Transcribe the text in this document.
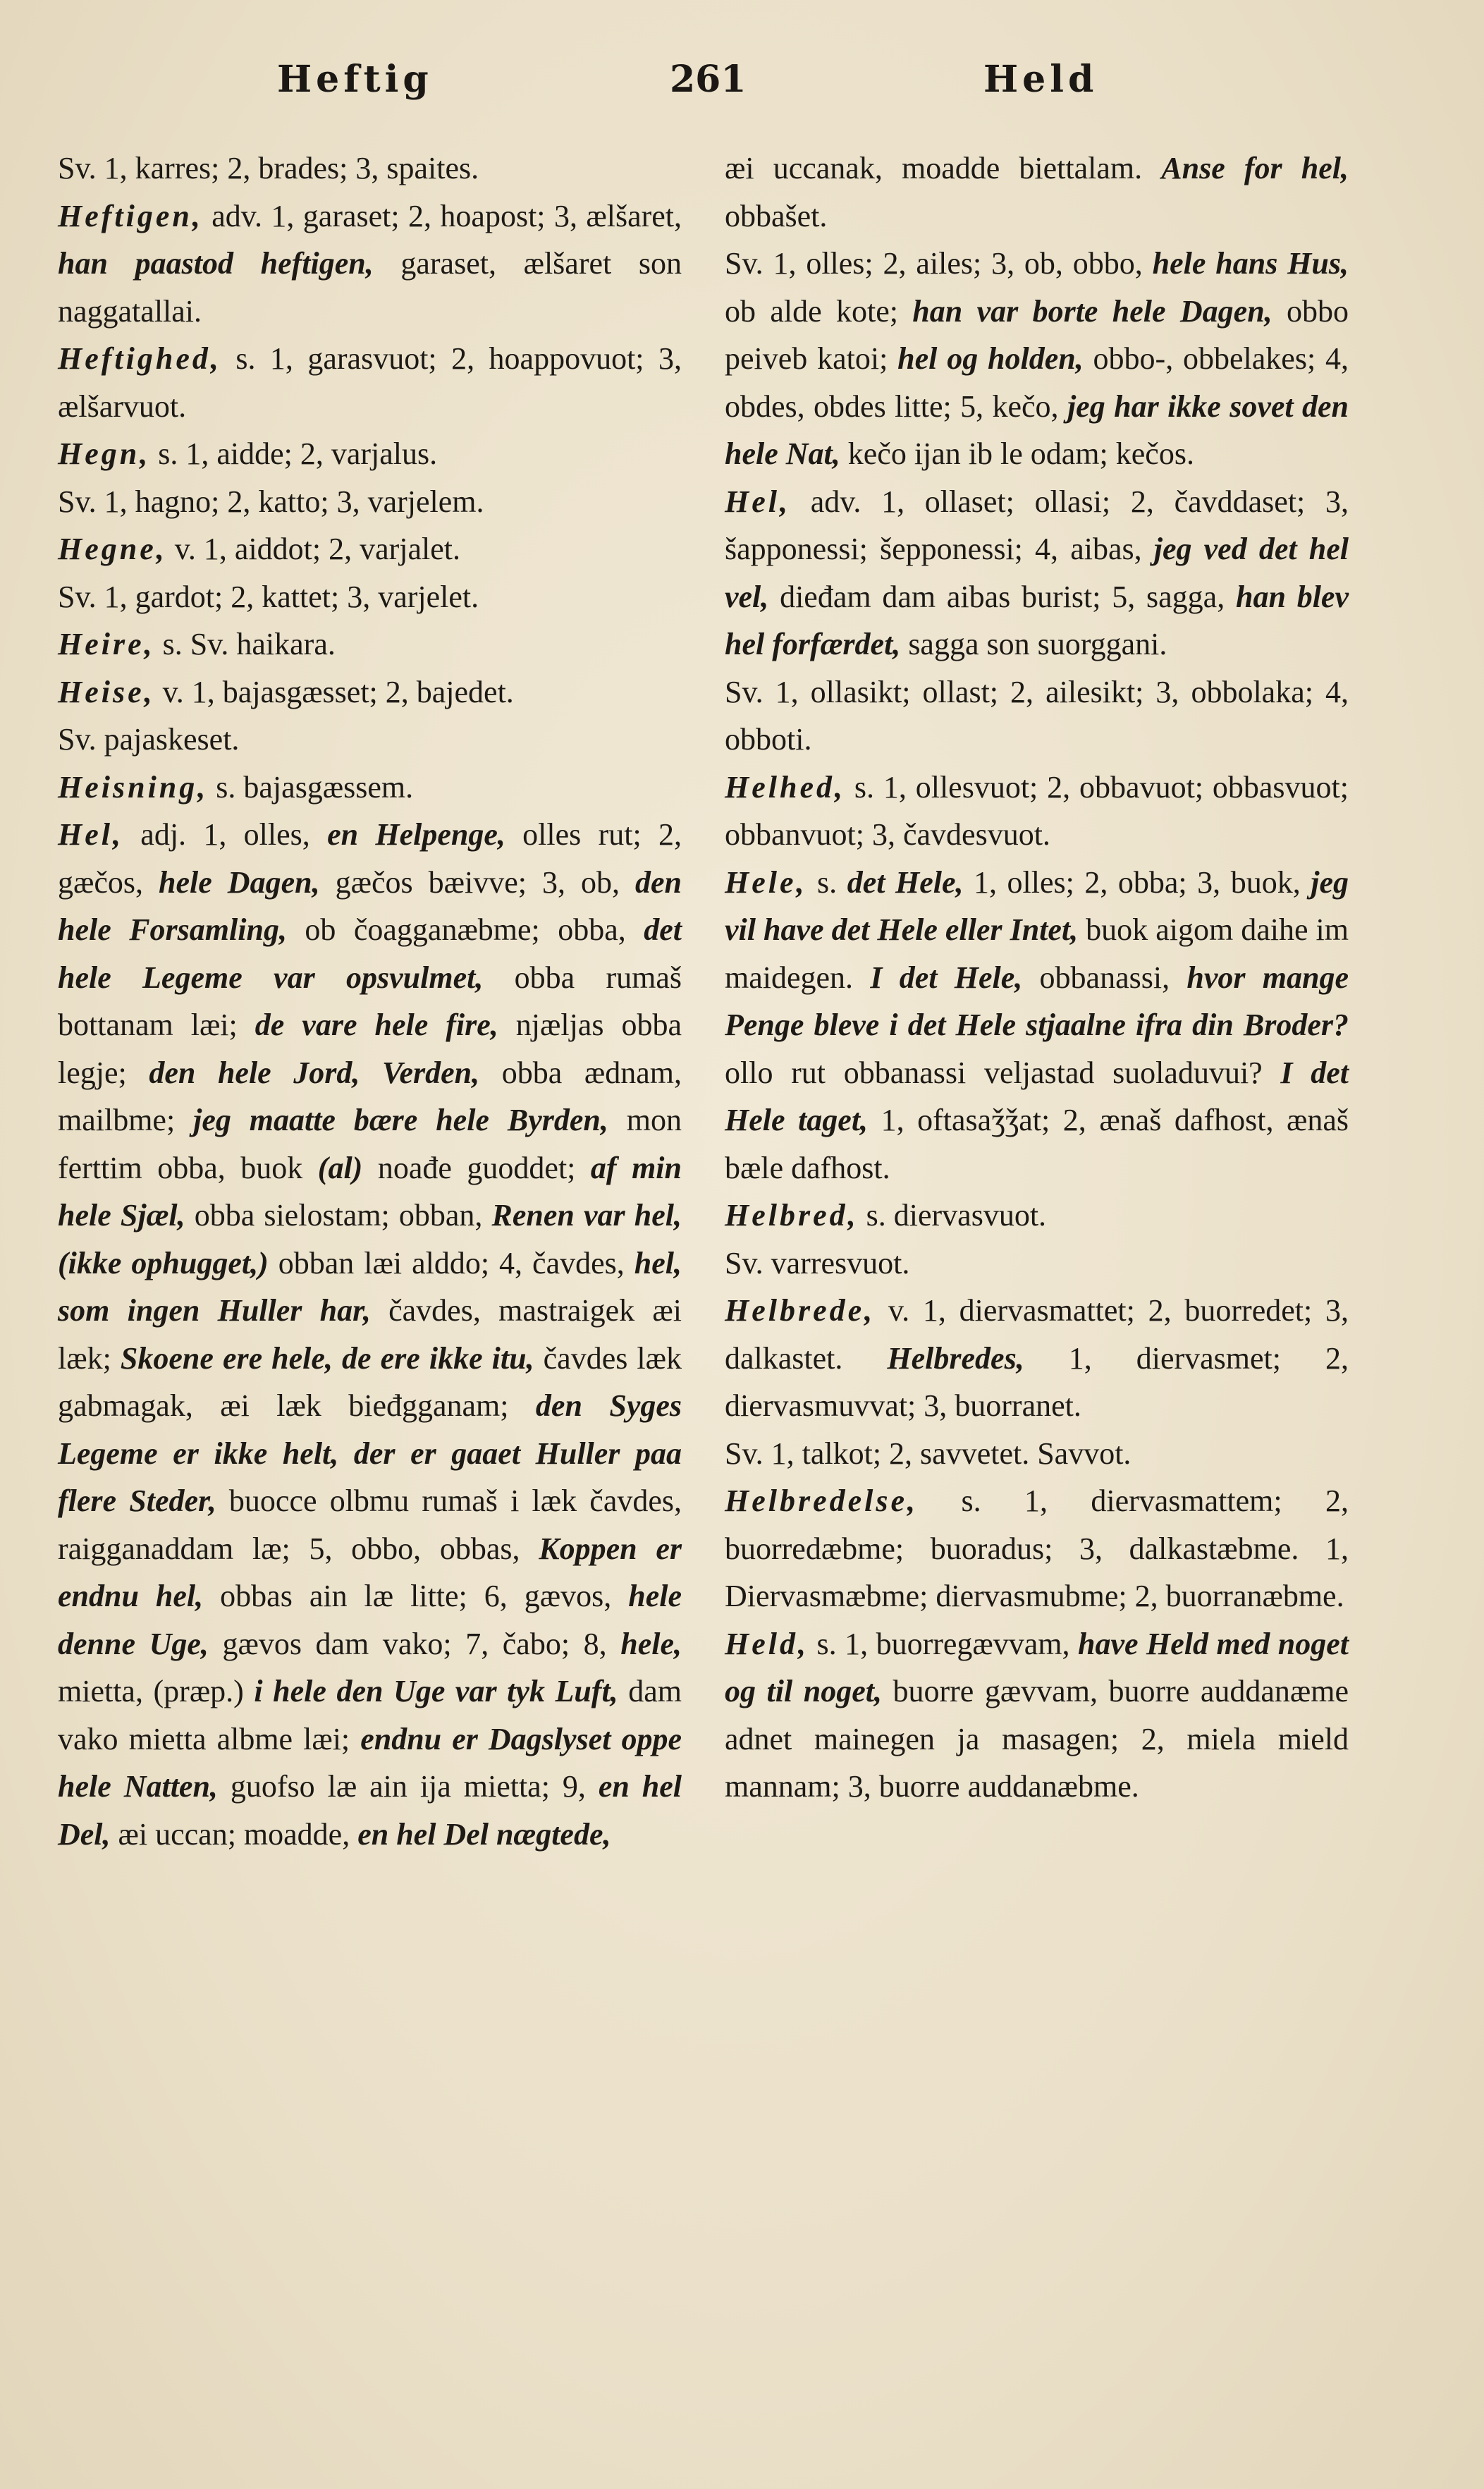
Heftig	261	Held

Sv. 1, karres; 2, brades; 3, spaites.

Heftigen, adv. 1, garaset; 2, hoapost; 3, ælšaret, han paastod heftigen, garaset, ælšaret son naggatallai.

Heftighed, s. 1, garasvuot; 2, hoappovuot; 3, ælšarvuot.

Hegn, s. 1, aidde; 2, varjalus.

Sv. 1, hagno; 2, katto; 3, varjelem.

Hegne, v. 1, aiddot; 2, varjalet.

Sv. 1, gardot; 2, kattet; 3, varjelet.

Heire, s. Sv. haikara.

Heise, v. 1, bajasgæsset; 2, bajedet.

Sv. pajaskeset.

Heisning, s. bajasgæssem.

Hel, adj. 1, olles, en Helpenge, olles rut; 2, gæčos, hele Dagen, gæčos bæivve; 3, ob, den hele Forsamling, ob čoagganæbme; obba, det hele Legeme var opsvulmet, obba rumaš bottanam læi; de vare hele fire, njæljas obba legje; den hele Jord, Verden, obba ædnam, mailbme; jeg maatte bære hele Byrden, mon ferttim obba, buok (al) noađe guoddet; af min hele Sjæl, obba sielostam; obban, Renen var hel, (ikke ophugget,) obban læi alddo; 4, čavdes, hel, som ingen Huller har, čavdes, mastraigek æi læk; Skoene ere hele, de ere ikke itu, čavdes læk gabmagak, æi læk bieđgganam; den Syges Legeme er ikke helt, der er gaaet Huller paa flere Steder, buocce olbmu rumaš i læk čavdes, raigganaddam læ; 5, obbo, obbas, Koppen er endnu hel, obbas ain læ litte; 6, gævos, hele denne Uge, gævos dam vako; 7, čabo; 8, hele, mietta, (præp.) i hele den Uge var tyk Luft, dam vako mietta albme læi; endnu er Dagslyset oppe hele Natten, guofso læ ain ija mietta; 9, en hel Del, æi uccan; moadde, en hel Del nægtede,

æi uccanak, moadde biettalam. Anse for hel, obbašet.

Sv. 1, olles; 2, ailes; 3, ob, obbo, hele hans Hus, ob alde kote; han var borte hele Dagen, obbo peiveb katoi; hel og holden, obbo-, obbelakes; 4, obdes, obdes litte; 5, kečo, jeg har ikke sovet den hele Nat, kečo ijan ib le odam; kečos.

Hel, adv. 1, ollaset; ollasi; 2, čavddaset; 3, šapponessi; šepponessi; 4, aibas, jeg ved det hel vel, dieđam dam aibas burist; 5, sagga, han blev hel forfærdet, sagga son suorggani.

Sv. 1, ollasikt; ollast; 2, ailesikt; 3, obbolaka; 4, obboti.

Helhed, s. 1, ollesvuot; 2, obbavuot; obbasvuot; obbanvuot; 3, čavdesvuot.

Hele, s. det Hele, 1, olles; 2, obba; 3, buok, jeg vil have det Hele eller Intet, buok aigom daihe im maidegen. I det Hele, obbanassi, hvor mange Penge bleve i det Hele stjaalne ifra din Broder? ollo rut obbanassi veljastad suoladuvui? I det Hele taget, 1, oftasaǯǯat; 2, ænaš dafhost, ænaš bæle dafhost.

Helbred, s. diervasvuot.

Sv. varresvuot.

Helbrede, v. 1, diervasmattet; 2, buorredet; 3, dalkastet. Helbredes, 1, diervasmet; 2, diervasmuvvat; 3, buorranet.

Sv. 1, talkot; 2, savvetet. Savvot.

Helbredelse, s. 1, diervasmattem; 2, buorredæbme; buoradus; 3, dalkastæbme. 1, Diervasmæbme; diervasmubme; 2, buorranæbme.

Held, s. 1, buorregævvam, have Held med noget og til noget, buorre gævvam, buorre auddanæme adnet mainegen ja masagen; 2, miela mield mannam; 3, buorre auddanæbme.
